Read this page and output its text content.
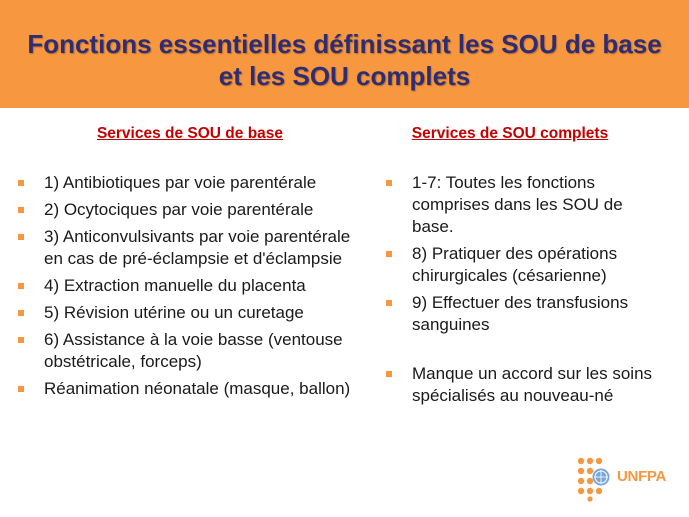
Fonctions essentielles définissant les SOU de base et les SOU complets
Services de SOU de base	Services de SOU complets
1) Antibiotiques par voie parentérale
2) Ocytociques par voie parentérale
3) Anticonvulsivants par voie parentérale en cas de pré-éclampsie et d'éclampsie
4) Extraction manuelle du placenta
5) Révision utérine ou un curetage
6) Assistance à la voie basse (ventouse obstétricale, forceps)
Réanimation néonatale (masque, ballon)
1-7: Toutes les fonctions comprises dans les SOU de base.
8) Pratiquer des opérations chirurgicales (césarienne)
9) Effectuer des transfusions sanguines
Manque un accord sur les soins spécialisés au nouveau-né
UNFPA
